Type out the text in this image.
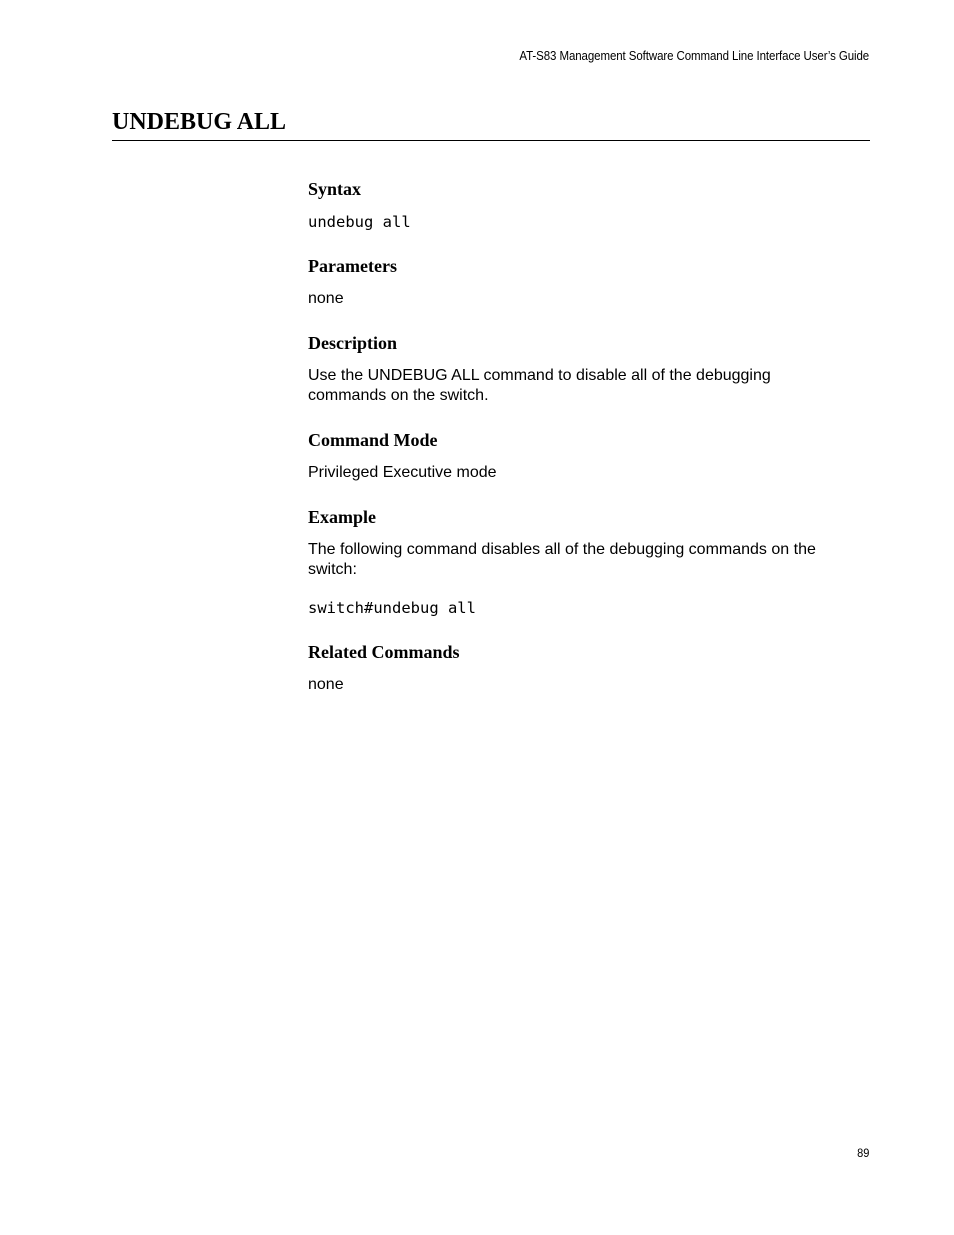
AT-S83 Management Software Command Line Interface User’s Guide
UNDEBUG ALL
Syntax

undebug all

Parameters

none

Description

Use the UNDEBUG ALL command to disable all of the debugging

commands on the switch.

Command Mode

Privileged Executive mode

Example

The following command disables all of the debugging commands on the

switch:

switch#undebug all

Related Commands

none

89
